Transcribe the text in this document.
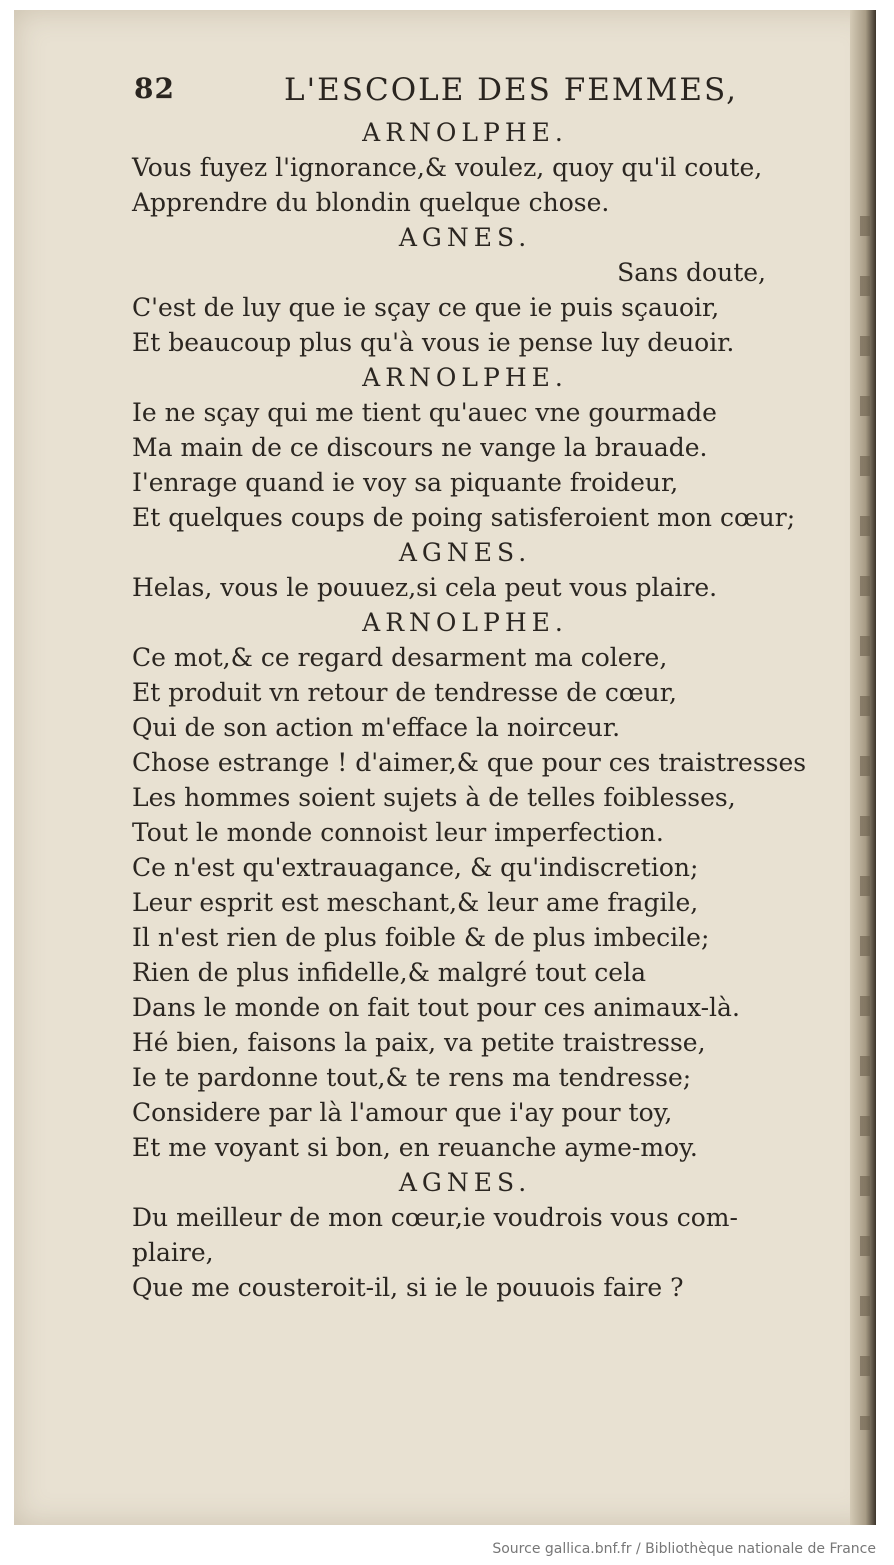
82	L'ESCOLE DES FEMMES,
ARNOLPHE.
Vous fuyez l'ignorance,& voulez, quoy qu'il coute,
Apprendre du blondin quelque chose.
AGNES.
Sans doute,
C'est de luy que ie sçay ce que ie puis sçauoir,
Et beaucoup plus qu'à vous ie pense luy deuoir.
ARNOLPHE.
Ie ne sçay qui me tient qu'auec vne gourmade
Ma main de ce discours ne vange la brauade.
I'enrage quand ie voy sa piquante froideur,
Et quelques coups de poing satisferoient mon cœur;
AGNES.
Helas, vous le pouuez,si cela peut vous plaire.
ARNOLPHE.
Ce mot,& ce regard desarment ma colere,
Et produit vn retour de tendresse de cœur,
Qui de son action m'efface la noirceur.
Chose estrange ! d'aimer,& que pour ces traistresses
Les hommes soient sujets à de telles foiblesses,
Tout le monde connoist leur imperfection.
Ce n'est qu'extrauagance, & qu'indiscretion;
Leur esprit est meschant,& leur ame fragile,
Il n'est rien de plus foible & de plus imbecile;
Rien de plus infidelle,& malgré tout cela
Dans le monde on fait tout pour ces animaux-là.
Hé bien, faisons la paix, va petite traistresse,
Ie te pardonne tout,& te rens ma tendresse;
Considere par là l'amour que i'ay pour toy,
Et me voyant si bon, en reuanche ayme-moy.
AGNES.
Du meilleur de mon cœur,ie voudrois vous com-
plaire,
Que me cousteroit-il, si ie le pouuois faire ?
Source gallica.bnf.fr / Bibliothèque nationale de France
